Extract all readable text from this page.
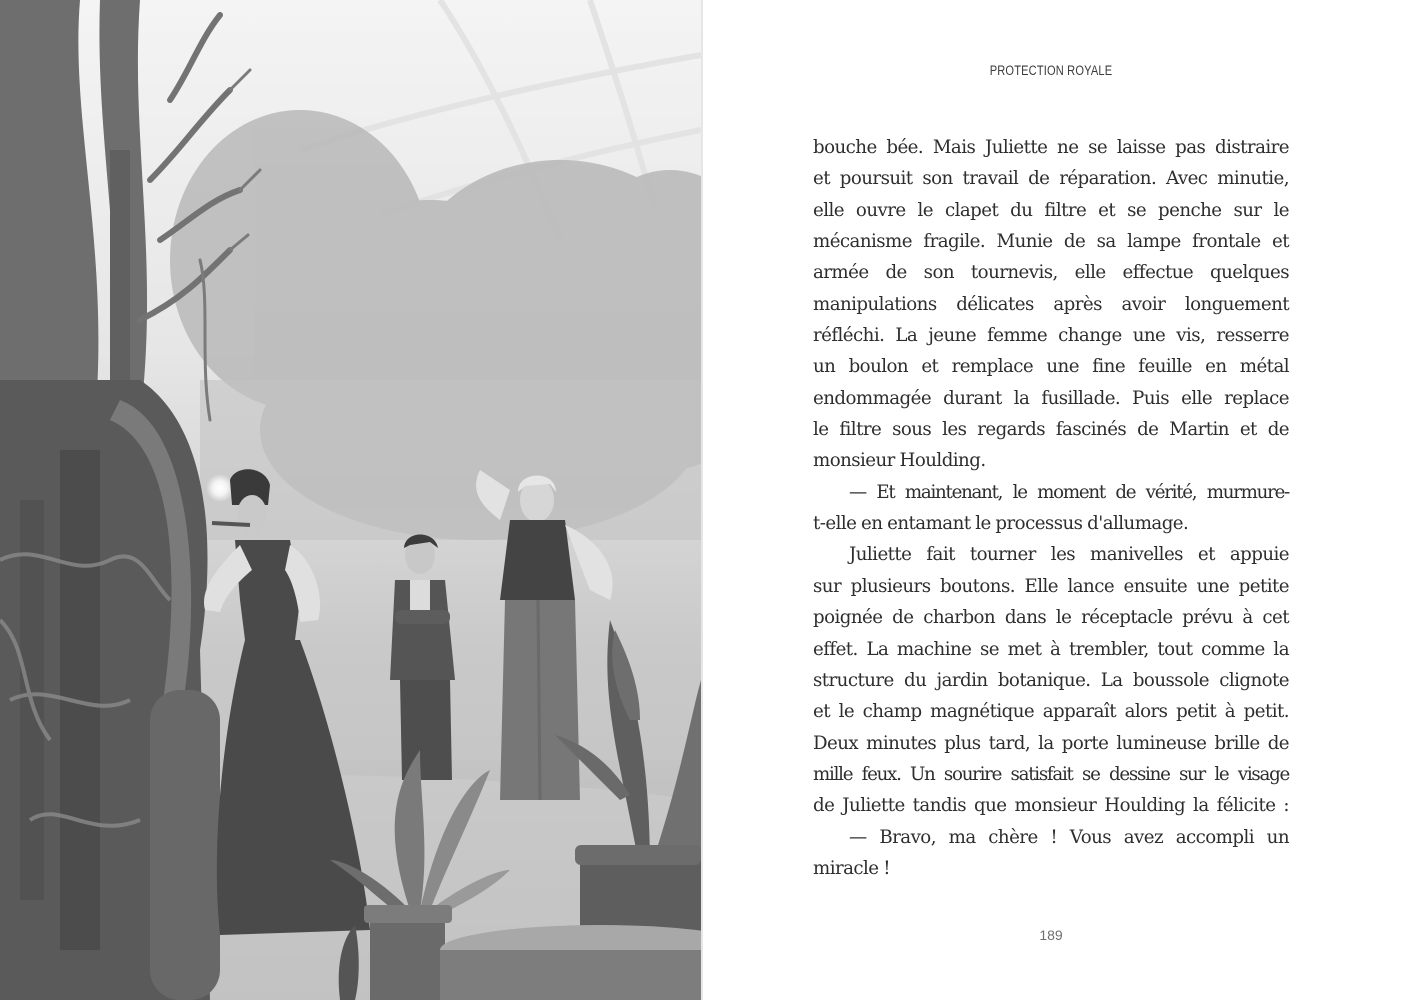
PROTECTION ROYALE
bouche bée. Mais Juliette ne se laisse pas distraire
et poursuit son travail de réparation. Avec minutie,
elle ouvre le clapet du filtre et se penche sur le
mécanisme fragile. Munie de sa lampe frontale et
armée de son tournevis, elle effectue quelques
manipulations délicates après avoir longuement
réfléchi. La jeune femme change une vis, resserre
un boulon et remplace une fine feuille en métal
endommagée durant la fusillade. Puis elle replace
le filtre sous les regards fascinés de Martin et de
monsieur Houlding.
— Et maintenant, le moment de vérité, murmure-
t-elle en entamant le processus d'allumage.
Juliette fait tourner les manivelles et appuie
sur plusieurs boutons. Elle lance ensuite une petite
poignée de charbon dans le réceptacle prévu à cet
effet. La machine se met à trembler, tout comme la
structure du jardin botanique. La boussole clignote
et le champ magnétique apparaît alors petit à petit.
Deux minutes plus tard, la porte lumineuse brille de
mille feux. Un sourire satisfait se dessine sur le visage
de Juliette tandis que monsieur Houlding la félicite :
— Bravo, ma chère ! Vous avez accompli un
miracle !
189
